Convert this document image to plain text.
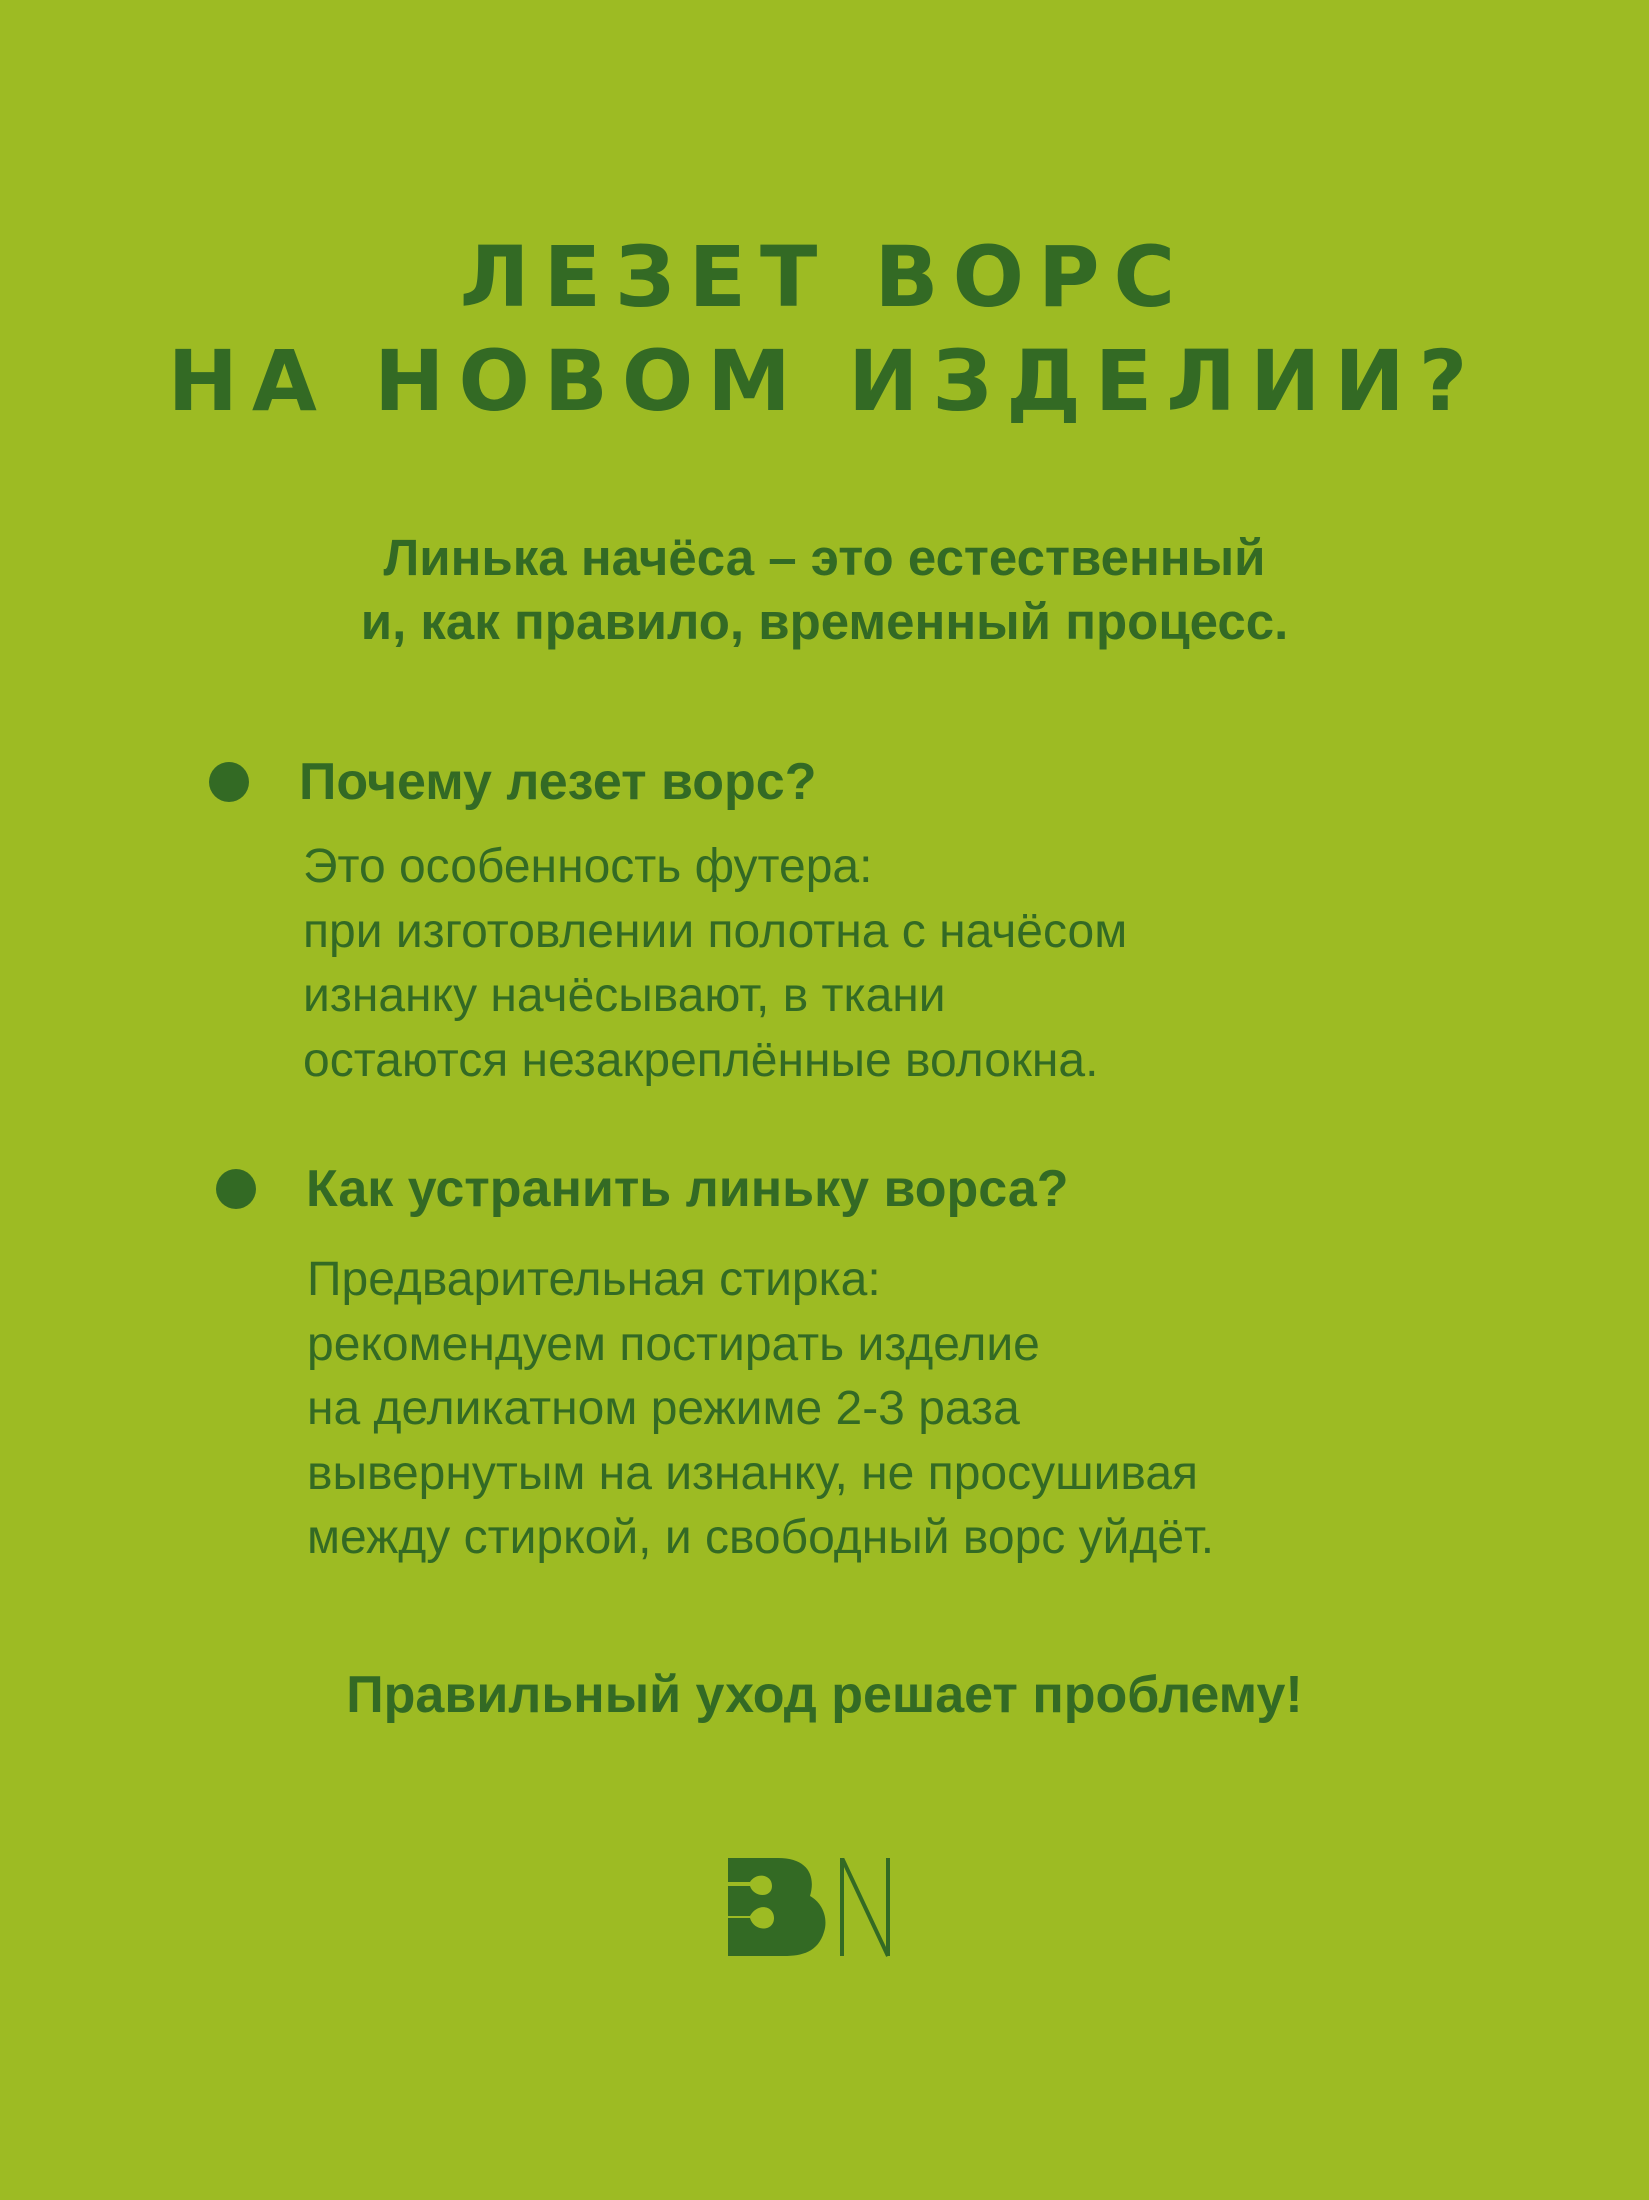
ЛЕЗЕТ ВОРС
НА НОВОМ ИЗДЕЛИИ?
Линька начёса – это естественный
и, как правило, временный процесс.
Почему лезет ворс?
Это особенность футера:
при изготовлении полотна с начёсом
изнанку начёсывают, в ткани
остаются незакреплённые волокна.
Как устранить линьку ворса?
Предварительная стирка:
рекомендуем постирать изделие
на деликатном режиме 2-3 раза
вывернутым на изнанку, не просушивая
между стиркой, и свободный ворс уйдёт.
Правильный уход решает проблему!
